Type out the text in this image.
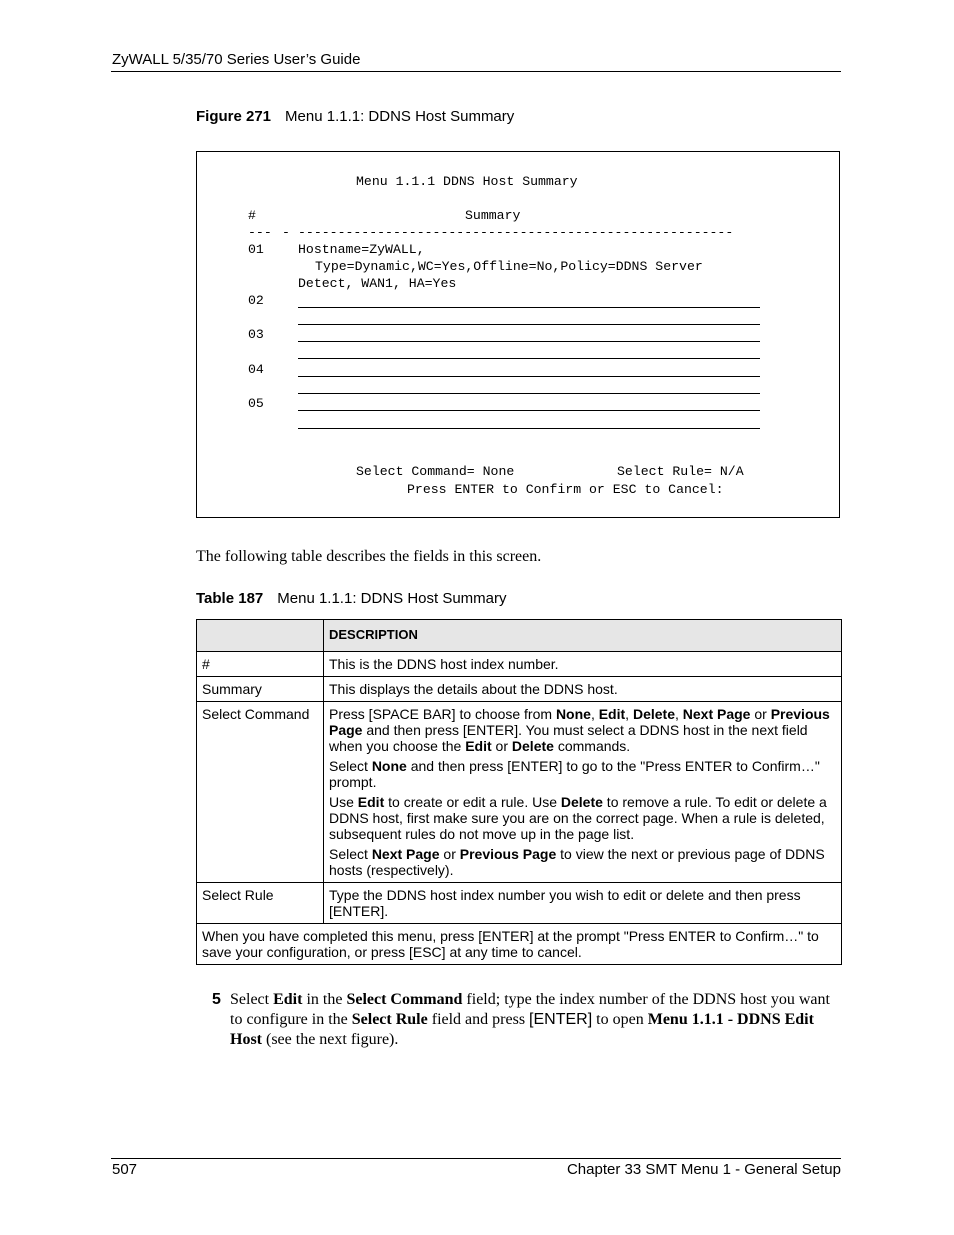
ZyWALL 5/35/70 Series User’s Guide
Figure 271 Menu 1.1.1: DDNS Host Summary
Menu 1.1.1 DDNS Host Summary
#	Summary
--- - -------------------------------------------------------
01	Hostname=ZyWALL,
Type=Dynamic,WC=Yes,Offline=No,Policy=DDNS Server
Detect, WAN1, HA=Yes
02
03
04
05
Select Command= None	Select Rule= N/A
Press ENTER to Confirm or ESC to Cancel:
The following table describes the fields in this screen.
Table 187 Menu 1.1.1: DDNS Host Summary
	DESCRIPTION
#	This is the DDNS host index number.
Summary	This displays the details about the DDNS host.
Select Command	Press [SPACE BAR] to choose from None, Edit, Delete, Next Page or Previous Page and then press [ENTER]. You must select a DDNS host in the next field when you choose the Edit or Delete commands.

Select None and then press [ENTER] to go to the "Press ENTER to Confirm…" prompt.

Use Edit to create or edit a rule. Use Delete to remove a rule. To edit or delete a DDNS host, first make sure you are on the correct page. When a rule is deleted, subsequent rules do not move up in the page list.

Select Next Page or Previous Page to view the next or previous page of DDNS hosts (respectively).

Select Rule	Type the DDNS host index number you wish to edit or delete and then press [ENTER].
When you have completed this menu, press [ENTER] at the prompt "Press ENTER to Confirm…" to save your configuration, or press [ESC] at any time to cancel.	
5 Select Edit in the Select Command field; type the index number of the DDNS host you want to configure in the Select Rule field and press [ENTER] to open Menu 1.1.1 - DDNS Edit Host (see the next figure).
507	Chapter 33 SMT Menu 1 - General Setup
